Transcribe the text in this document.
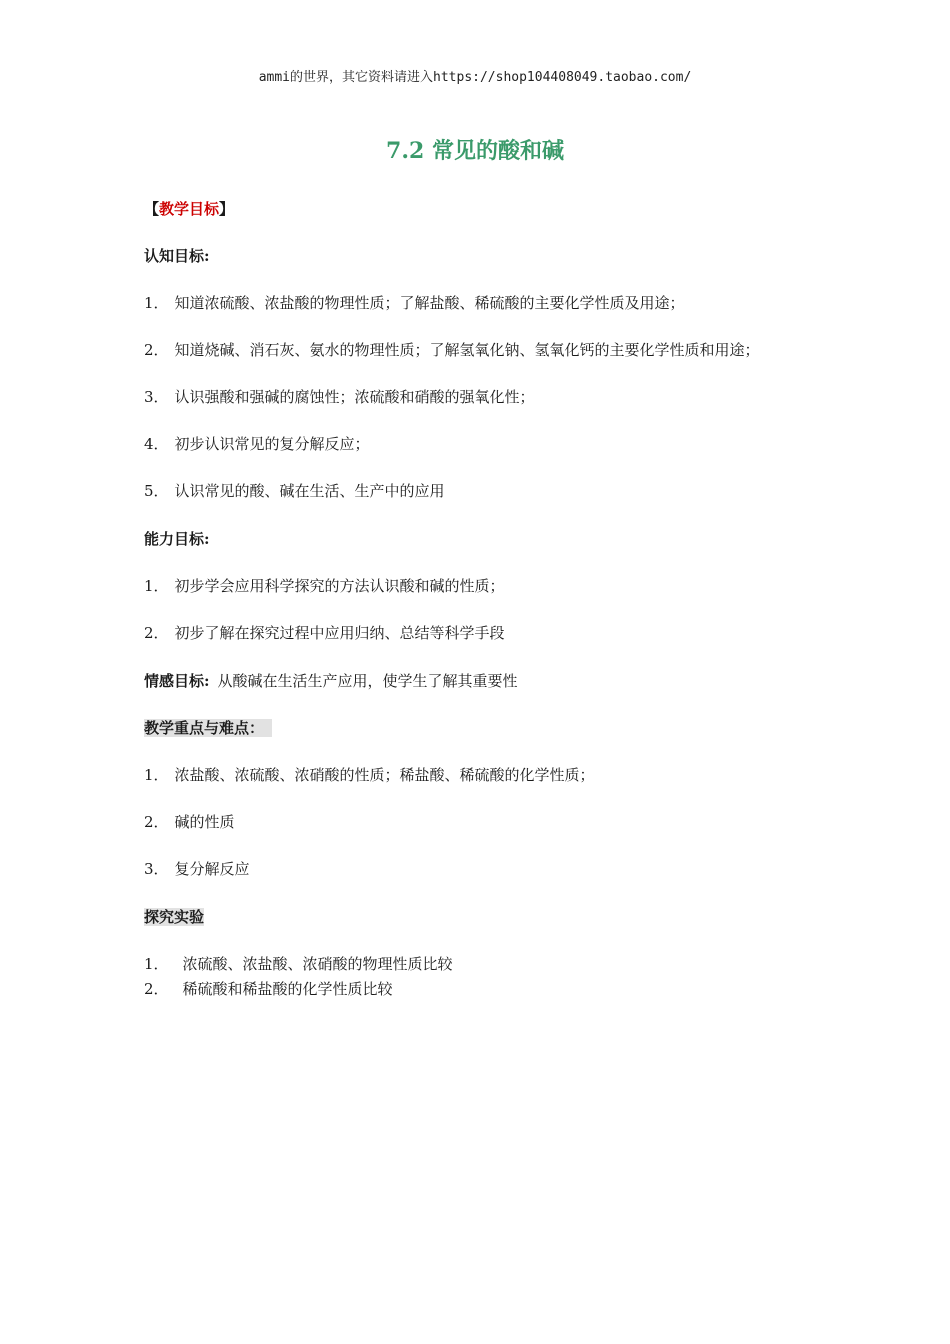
ammi的世界，其它资料请进入https://shop104408049.taobao.com/
7.2 常见的酸和碱
【教学目标】
认知目标:
1． 知道浓硫酸、浓盐酸的物理性质；了解盐酸、稀硫酸的主要化学性质及用途；
2． 知道烧碱、消石灰、氨水的物理性质；了解氢氧化钠、氢氧化钙的主要化学性质和用途；
3． 认识强酸和强碱的腐蚀性；浓硫酸和硝酸的强氧化性；
4． 初步认识常见的复分解反应；
5． 认识常见的酸、碱在生活、生产中的应用
能力目标:
1． 初步学会应用科学探究的方法认识酸和碱的性质；
2． 初步了解在探究过程中应用归纳、总结等科学手段
情感目标: 从酸碱在生活生产应用，使学生了解其重要性
教学重点与难点：
1． 浓盐酸、浓硫酸、浓硝酸的性质；稀盐酸、稀硫酸的化学性质；
2． 碱的性质
3． 复分解反应
探究实验
1． 浓硫酸、浓盐酸、浓硝酸的物理性质比较
2． 稀硫酸和稀盐酸的化学性质比较
